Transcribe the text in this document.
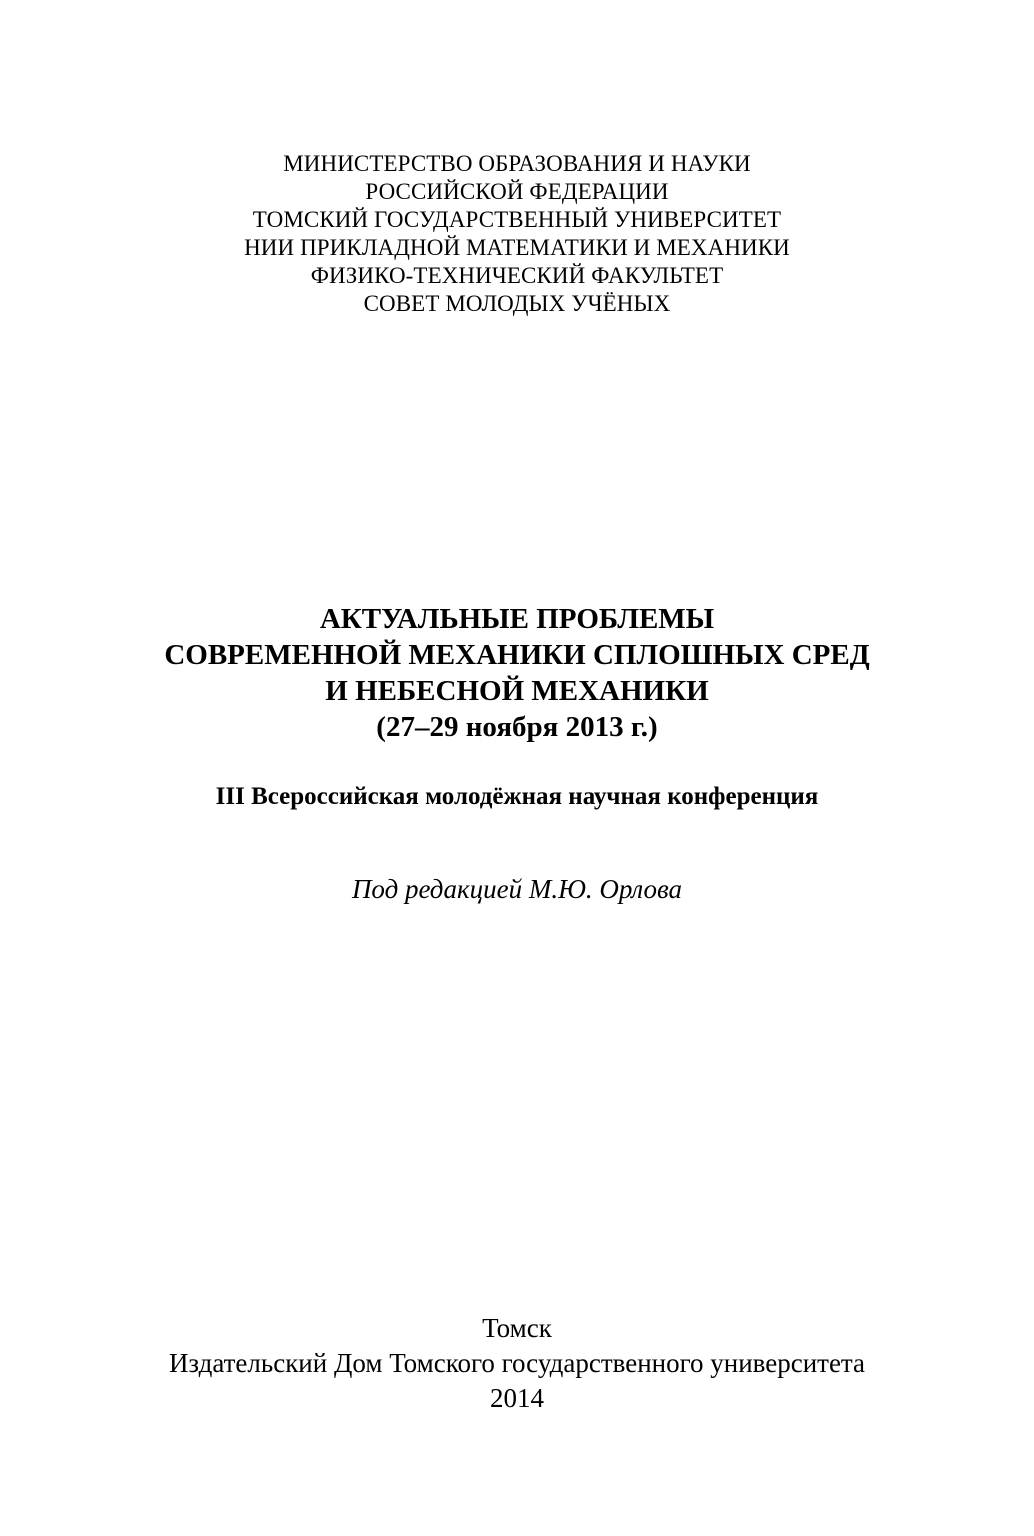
МИНИСТЕРСТВО ОБРАЗОВАНИЯ И НАУКИ
РОССИЙСКОЙ ФЕДЕРАЦИИ
ТОМСКИЙ ГОСУДАРСТВЕННЫЙ УНИВЕРСИТЕТ
НИИ ПРИКЛАДНОЙ МАТЕМАТИКИ И МЕХАНИКИ
ФИЗИКО-ТЕХНИЧЕСКИЙ ФАКУЛЬТЕТ
СОВЕТ МОЛОДЫХ УЧЁНЫХ
АКТУАЛЬНЫЕ ПРОБЛЕМЫ
СОВРЕМЕННОЙ МЕХАНИКИ СПЛОШНЫХ СРЕД
И НЕБЕСНОЙ МЕХАНИКИ
(27–29 ноября 2013 г.)
III Всероссийская молодёжная научная конференция
Под редакцией М.Ю. Орлова
Томск
Издательский Дом Томского государственного университета
2014
